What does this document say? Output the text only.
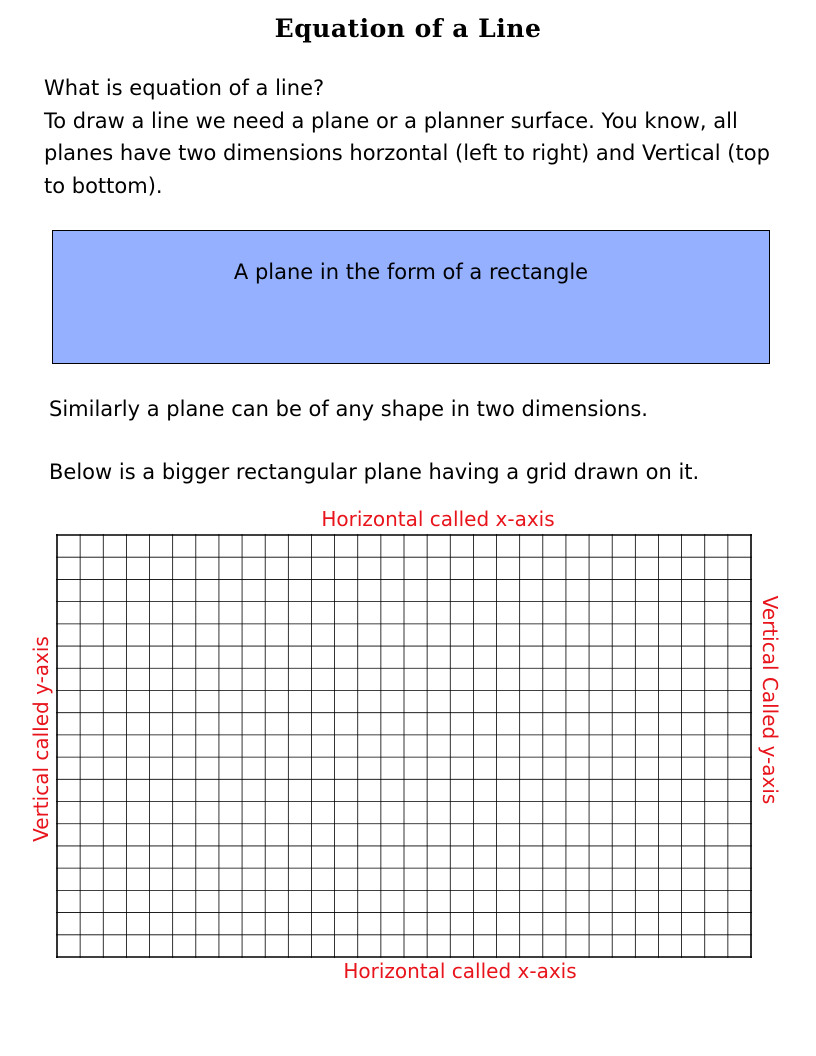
Equation of a Line

What is equation of a line?

To draw a line we need a plane or a planner surface. You know, all planes have two dimensions horzontal (left to right) and Vertical (top to bottom).

A plane in the form of a rectangle

Similarly a plane can be of any shape in two dimensions.

Below is a bigger rectangular plane having a grid drawn on it.

Horizontal called x-axis
Horizontal called x-axis
Vertical called y-axis	Vertical Called y-axis
